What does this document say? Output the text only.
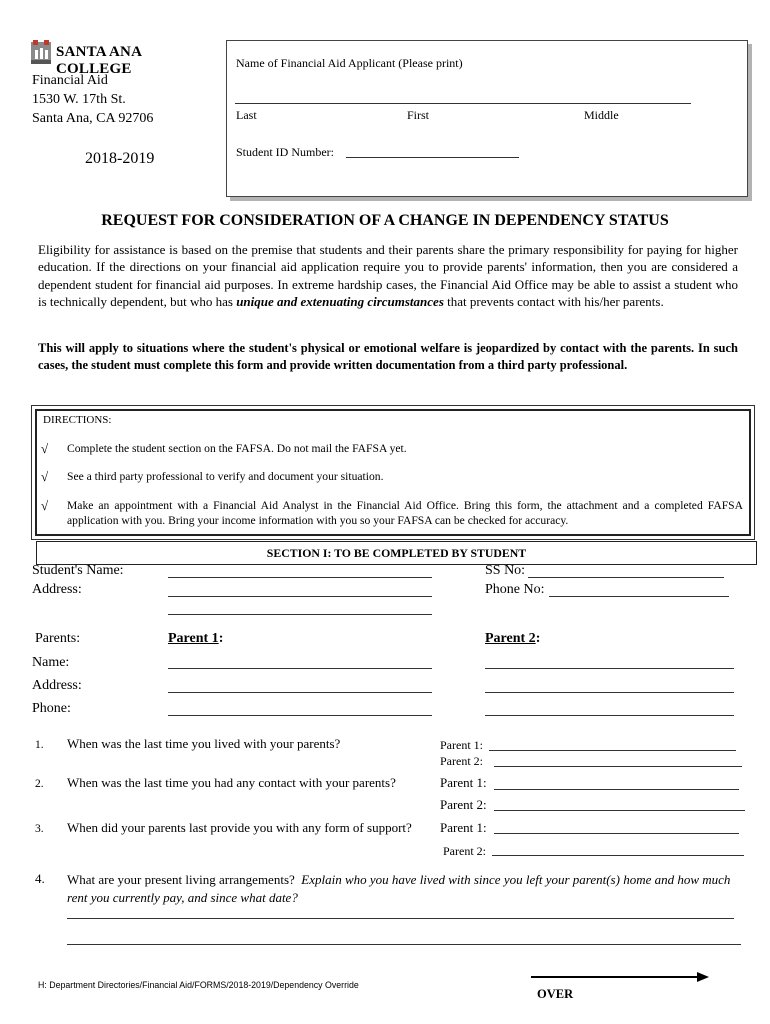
SANTA ANA COLLEGE
Financial Aid
1530 W. 17th St.
Santa Ana, CA 92706
2018-2019
Name of Financial Aid Applicant (Please print)
Last	First	Middle
Student ID Number:
REQUEST FOR CONSIDERATION OF A CHANGE IN DEPENDENCY STATUS
Eligibility for assistance is based on the premise that students and their parents share the primary responsibility for paying for higher education. If the directions on your financial aid application require you to provide parents' information, then you are considered a dependent student for financial aid purposes. In extreme hardship cases, the Financial Aid Office may be able to assist a student who is technically dependent, but who has unique and extenuating circumstances that prevents contact with his/her parents.
This will apply to situations where the student's physical or emotional welfare is jeopardized by contact with the parents. In such cases, the student must complete this form and provide written documentation from a third party professional.
DIRECTIONS:
√	Complete the student section on the FAFSA. Do not mail the FAFSA yet.
√	See a third party professional to verify and document your situation.
√	Make an appointment with a Financial Aid Analyst in the Financial Aid Office. Bring this form, the attachment and a completed FAFSA application with you. Bring your income information with you so your FAFSA can be checked for accuracy.
SECTION I: TO BE COMPLETED BY STUDENT
Student's Name:	SS No:
Address:	Phone No:
Parents:	Parent 1:	Parent 2:
Name:
Address:
Phone:
1. When was the last time you lived with your parents?	Parent 1:
Parent 2:
2. When was the last time you had any contact with your parents?	Parent 1:
Parent 2:
3. When did your parents last provide you with any form of support? Parent 1:
Parent 2:
4. What are your present living arrangements? Explain who you have lived with since you left your parent(s) home and how much rent you currently pay, and since what date?
H: Department Directories/Financial Aid/FORMS/2018-2019/Dependency Override
OVER
